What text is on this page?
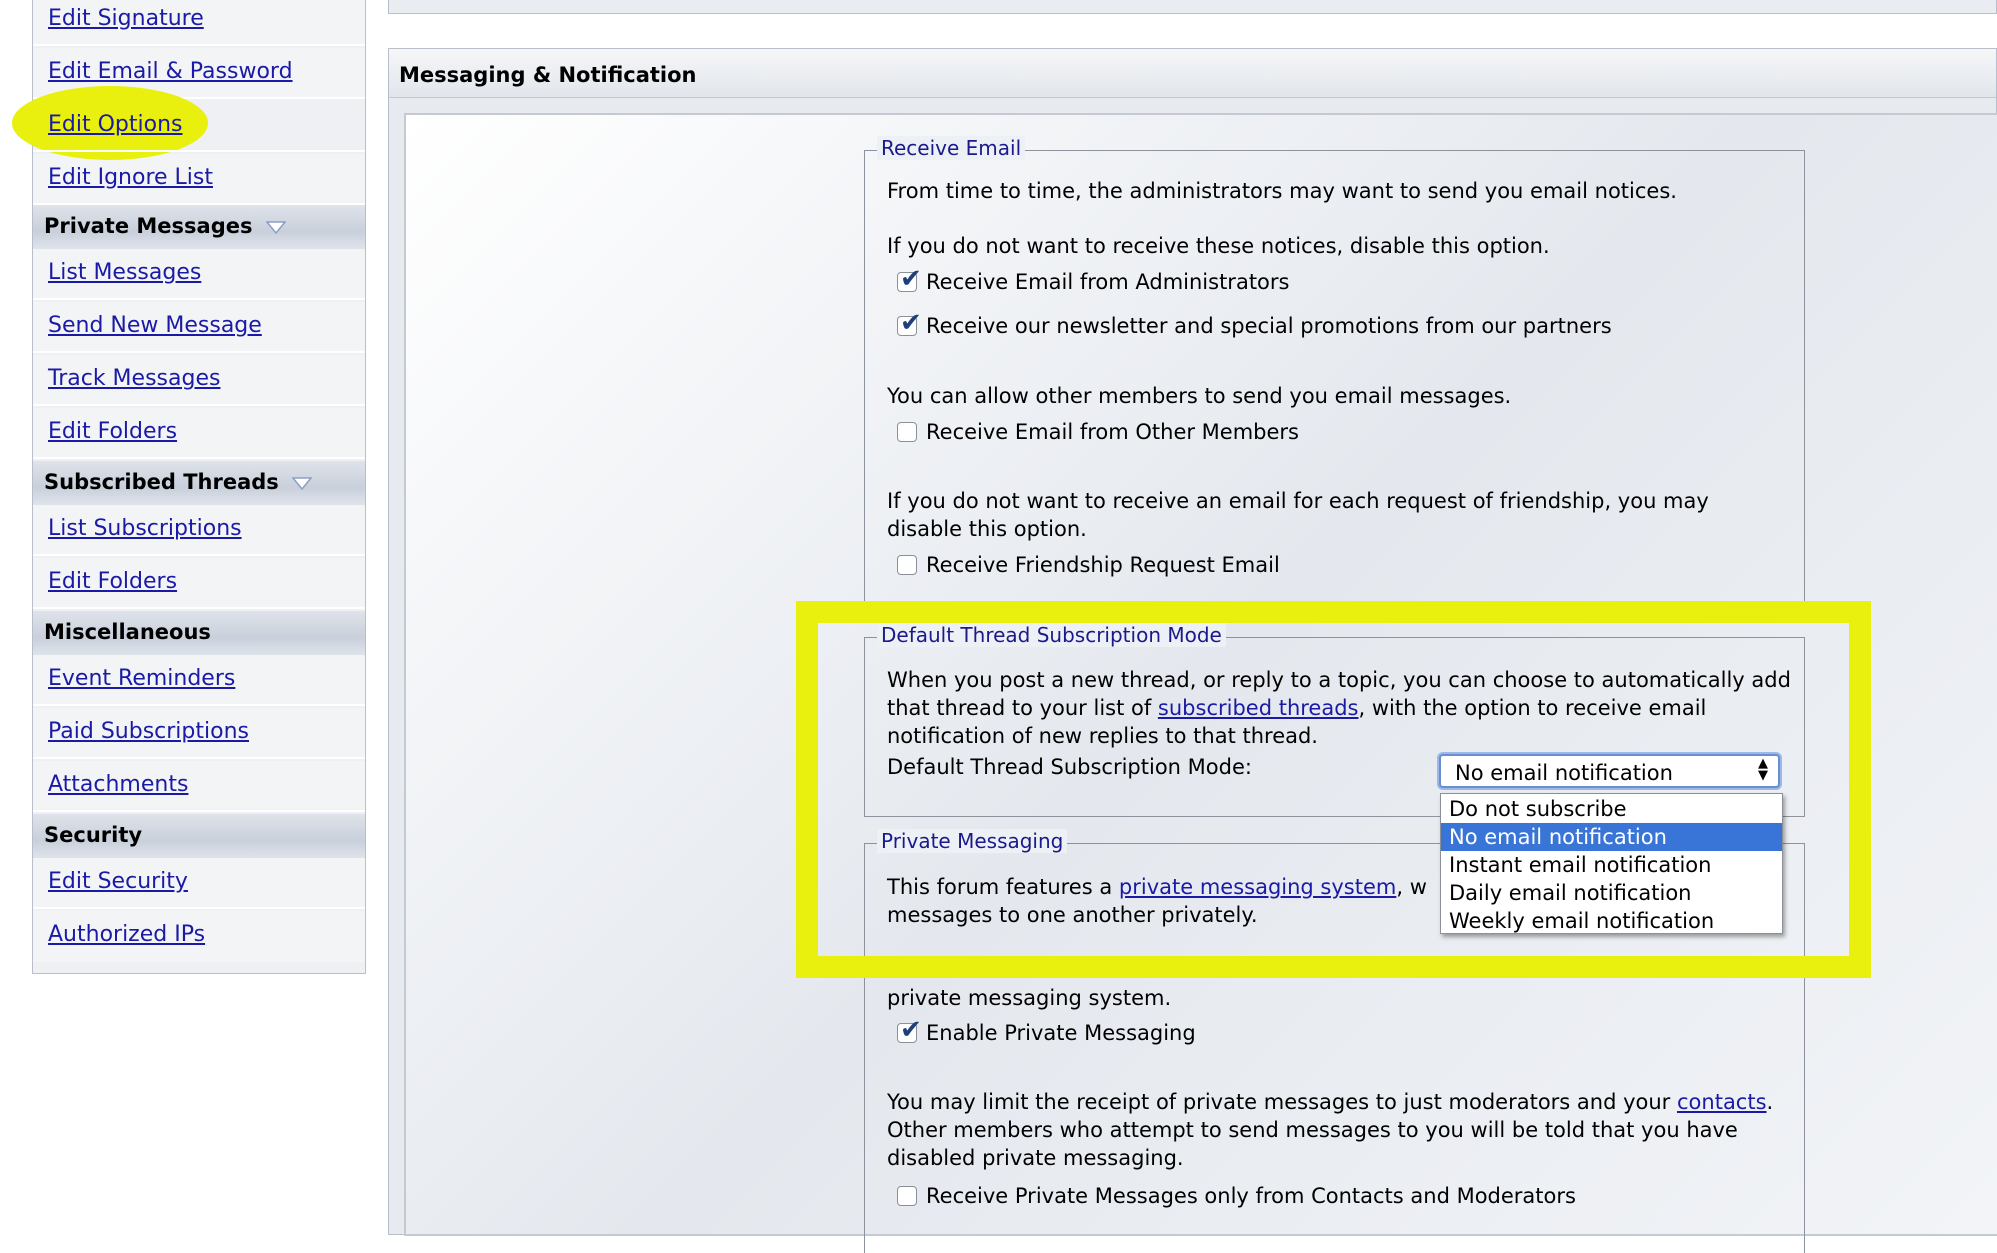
Edit Signature
Edit Email & Password
Edit Options
Edit Ignore List
Private Messages
List Messages
Send New Message
Track Messages
Edit Folders
Subscribed Threads
List Subscriptions
Edit Folders
Miscellaneous
Event Reminders
Paid Subscriptions
Attachments
Security
Edit Security
Authorized IPs
Messaging & Notification
Receive Email
From time to time, the administrators may want to send you email notices.
If you do not want to receive these notices, disable this option.
✔ Receive Email from Administrators
✔ Receive our newsletter and special promotions from our partners
You can allow other members to send you email messages.
Receive Email from Other Members
If you do not want to receive an email for each request of friendship, you may disable this option.
Receive Friendship Request Email
Default Thread Subscription Mode
When you post a new thread, or reply to a topic, you can choose to automatically add that thread to your list of subscribed threads, with the option to receive email notification of new replies to that thread.
Default Thread Subscription Mode:	No email notification	▲
▼
Private Messaging
This forum features a private messaging system, w
messages to one another privately.
private messaging system.
✔ Enable Private Messaging
You may limit the receipt of private messages to just moderators and your contacts. Other members who attempt to send messages to you will be told that you have disabled private messaging.
Receive Private Messages only from Contacts and Moderators
Do not subscribe
No email notification
Instant email notification
Daily email notification
Weekly email notification
